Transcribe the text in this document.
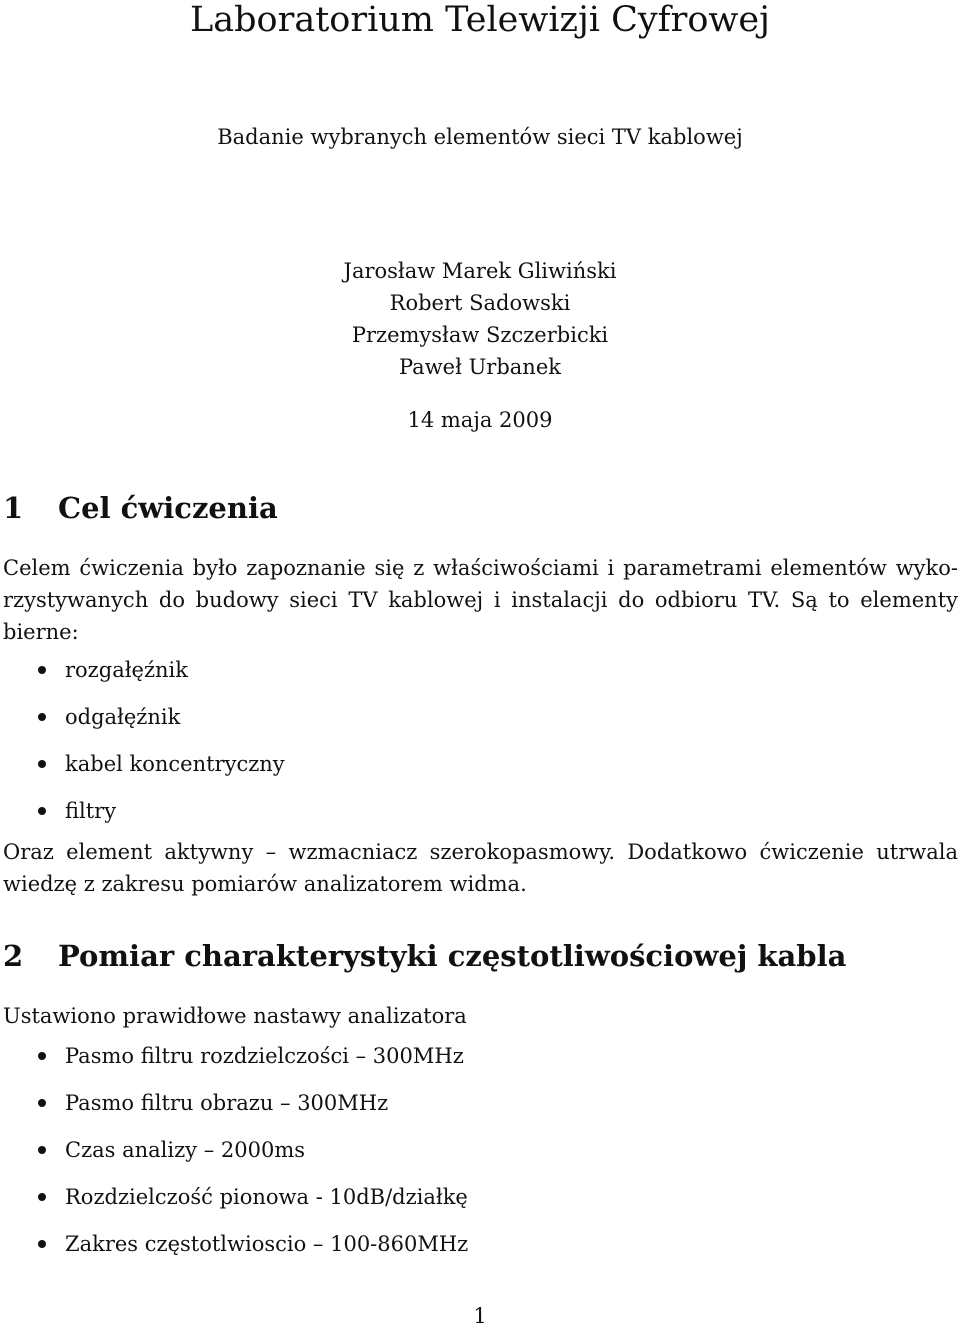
Laboratorium Telewizji Cyfrowej

Badanie wybranych elementów sieci TV kablowej

Jarosław Marek Gliwiński
Robert Sadowski
Przemysław Szczerbicki
Paweł Urbanek

14 maja 2009

1 Cel ćwiczenia
Celem ćwiczenia było zapoznanie się z właściwościami i parametrami elementów wyko-
rzystywanych do budowy sieci TV kablowej i instalacji do odbioru TV. Są to elementy
bierne:
rozgałęźnik
odgałęźnik
kabel koncentryczny
filtry
Oraz element aktywny – wzmacniacz szerokopasmowy. Dodatkowo ćwiczenie utrwala
wiedzę z zakresu pomiarów analizatorem widma.
2 Pomiar charakterystyki częstotliwościowej kabla

Ustawiono prawidłowe nastawy analizatora

Pasmo filtru rozdzielczości – 300MHz
Pasmo filtru obrazu – 300MHz
Czas analizy – 2000ms
Rozdzielczość pionowa - 10dB/działkę
Zakres częstotlwioscio – 100-860MHz

1
